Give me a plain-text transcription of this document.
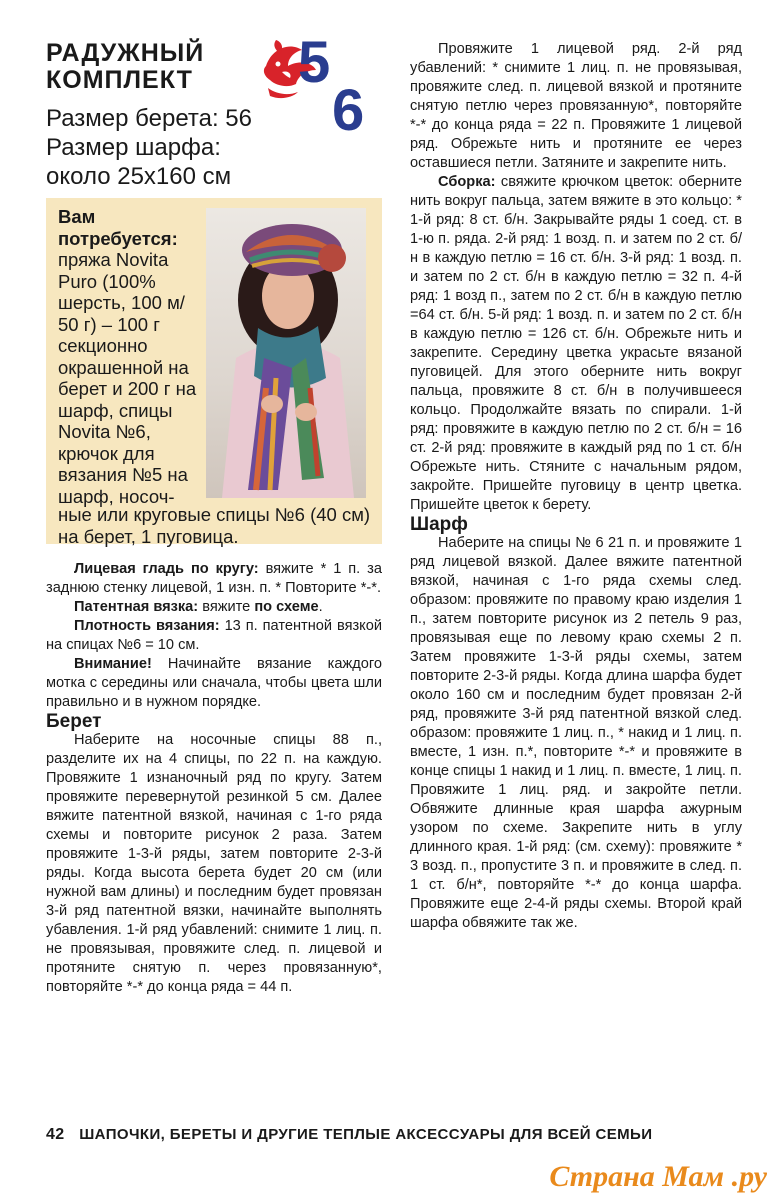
РАДУЖНЫЙ
КОМПЛЕКТ

Размер берета: 56

Размер шарфа:

около 25х160 см

5
6
Вам
потребуется:
пряжа Novita Puro (100% шерсть, 100 м/ 50 г) – 100 г секционно окрашенной на берет и 200 г на шарф, спицы Novita №6, крючок для вязания №5 на шарф, носоч-
ные или круговые спицы №6 (40 см) на берет, 1 пуговица.

Лицевая гладь по кругу: вяжите * 1 п. за заднюю стенку лицевой, 1 изн. п. * Повторите *-*.

Патентная вязка: вяжите по схеме.

Плотность вязания: 13 п. патентной вязкой на спицах №6 = 10 см.

Внимание! Начинайте вязание каждого мотка с середины или сначала, чтобы цвета шли правильно и в нужном порядке.

Берет

Наберите на носочные спицы 88 п., разделите их на 4 спицы, по 22 п. на каждую. Провяжите 1 изнаночный ряд по кругу. Затем провяжите перевернутой резинкой 5 см. Далее вяжите патентной вязкой, начиная с 1-го ряда схемы и повторите рисунок 2 раза. Затем провяжите 1-3-й ряды, затем повторите 2-3-й ряды. Когда высота берета будет 20 см (или нужной вам длины) и последним будет провязан 3-й ряд патентной вязки, начинайте выполнять убавления. 1-й ряд убавлений: снимите 1 лиц. п. не провязывая, провяжите след. п. лицевой и протяните снятую п. через провязанную*, повторяйте *-* до конца ряда = 44 п.

Провяжите 1 лицевой ряд. 2-й ряд убавлений: * снимите 1 лиц. п. не провязывая, провяжите след. п. лицевой вязкой и протяните снятую петлю через провязанную*, повторяйте *-* до конца ряда = 22 п. Провяжите 1 лицевой ряд. Обрежьте нить и протяните ее через оставшиеся петли. Затяните и закрепите нить.

Сборка: свяжите крючком цветок: оберните нить вокруг пальца, затем вяжите в это кольцо: * 1-й ряд: 8 ст. б/н. Закрывайте ряды 1 соед. ст. в 1-ю п. ряда. 2-й ряд: 1 возд. п. и затем по 2 ст. б/н в каждую петлю = 16 ст. б/н. 3-й ряд: 1 возд. п. и затем по 2 ст. б/н в каждую петлю = 32 п. 4-й ряд: 1 возд п., затем по 2 ст. б/н в каждую петлю =64 ст. б/н. 5-й ряд: 1 возд. п. и затем по 2 ст. б/н в каждую петлю = 126 ст. б/н. Обрежьте нить и закрепите. Середину цветка украсьте вязаной пуговицей. Для этого оберните нить вокруг пальца, провяжите 8 ст. б/н в получившееся кольцо. Продолжайте вязать по спирали. 1-й ряд: провяжите в каждую петлю по 2 ст. б/н = 16 ст. 2-й ряд: провяжите в каждый ряд по 1 ст. б/н Обрежьте нить. Стяните с начальным рядом, закройте. Пришейте пуговицу в центр цветка. Пришейте цветок к берету.

Шарф

Наберите на спицы № 6 21 п. и провяжите 1 ряд лицевой вязкой. Далее вяжите патентной вязкой, начиная с 1-го ряда схемы след. образом: провяжите по правому краю изделия 1 п., затем повторите рисунок из 2 петель 9 раз, провязывая еще по левому краю схемы 2 п. Затем провяжите 1-3-й ряды схемы, затем повторите 2-3-й ряды. Когда длина шарфа будет около 160 см и последним будет провязан 2-й ряд, провяжите 3-й ряд патентной вязкой след. образом: провяжите 1 лиц. п., * накид и 1 лиц. п. вместе, 1 изн. п.*, повторите *-* и провяжите в конце спицы 1 накид и 1 лиц. п. вместе, 1 лиц. п. Провяжите 1 лиц. ряд. и закройте петли. Обвяжите длинные края шарфа ажурным узором по схеме. Закрепите нить в углу длинного края. 1-й ряд: (см. схему): провяжите * 3 возд. п., пропустите 3 п. и провяжите в след. п. 1 ст. б/н*, повторяйте *-* до конца шарфа. Провяжите еще 2-4-й ряды схемы. Второй край шарфа обвяжите так же.

42 ШАПОЧКИ, БЕРЕТЫ И ДРУГИЕ ТЕПЛЫЕ АКСЕССУАРЫ ДЛЯ ВСЕЙ СЕМЬИ
Страна Мам .ру
